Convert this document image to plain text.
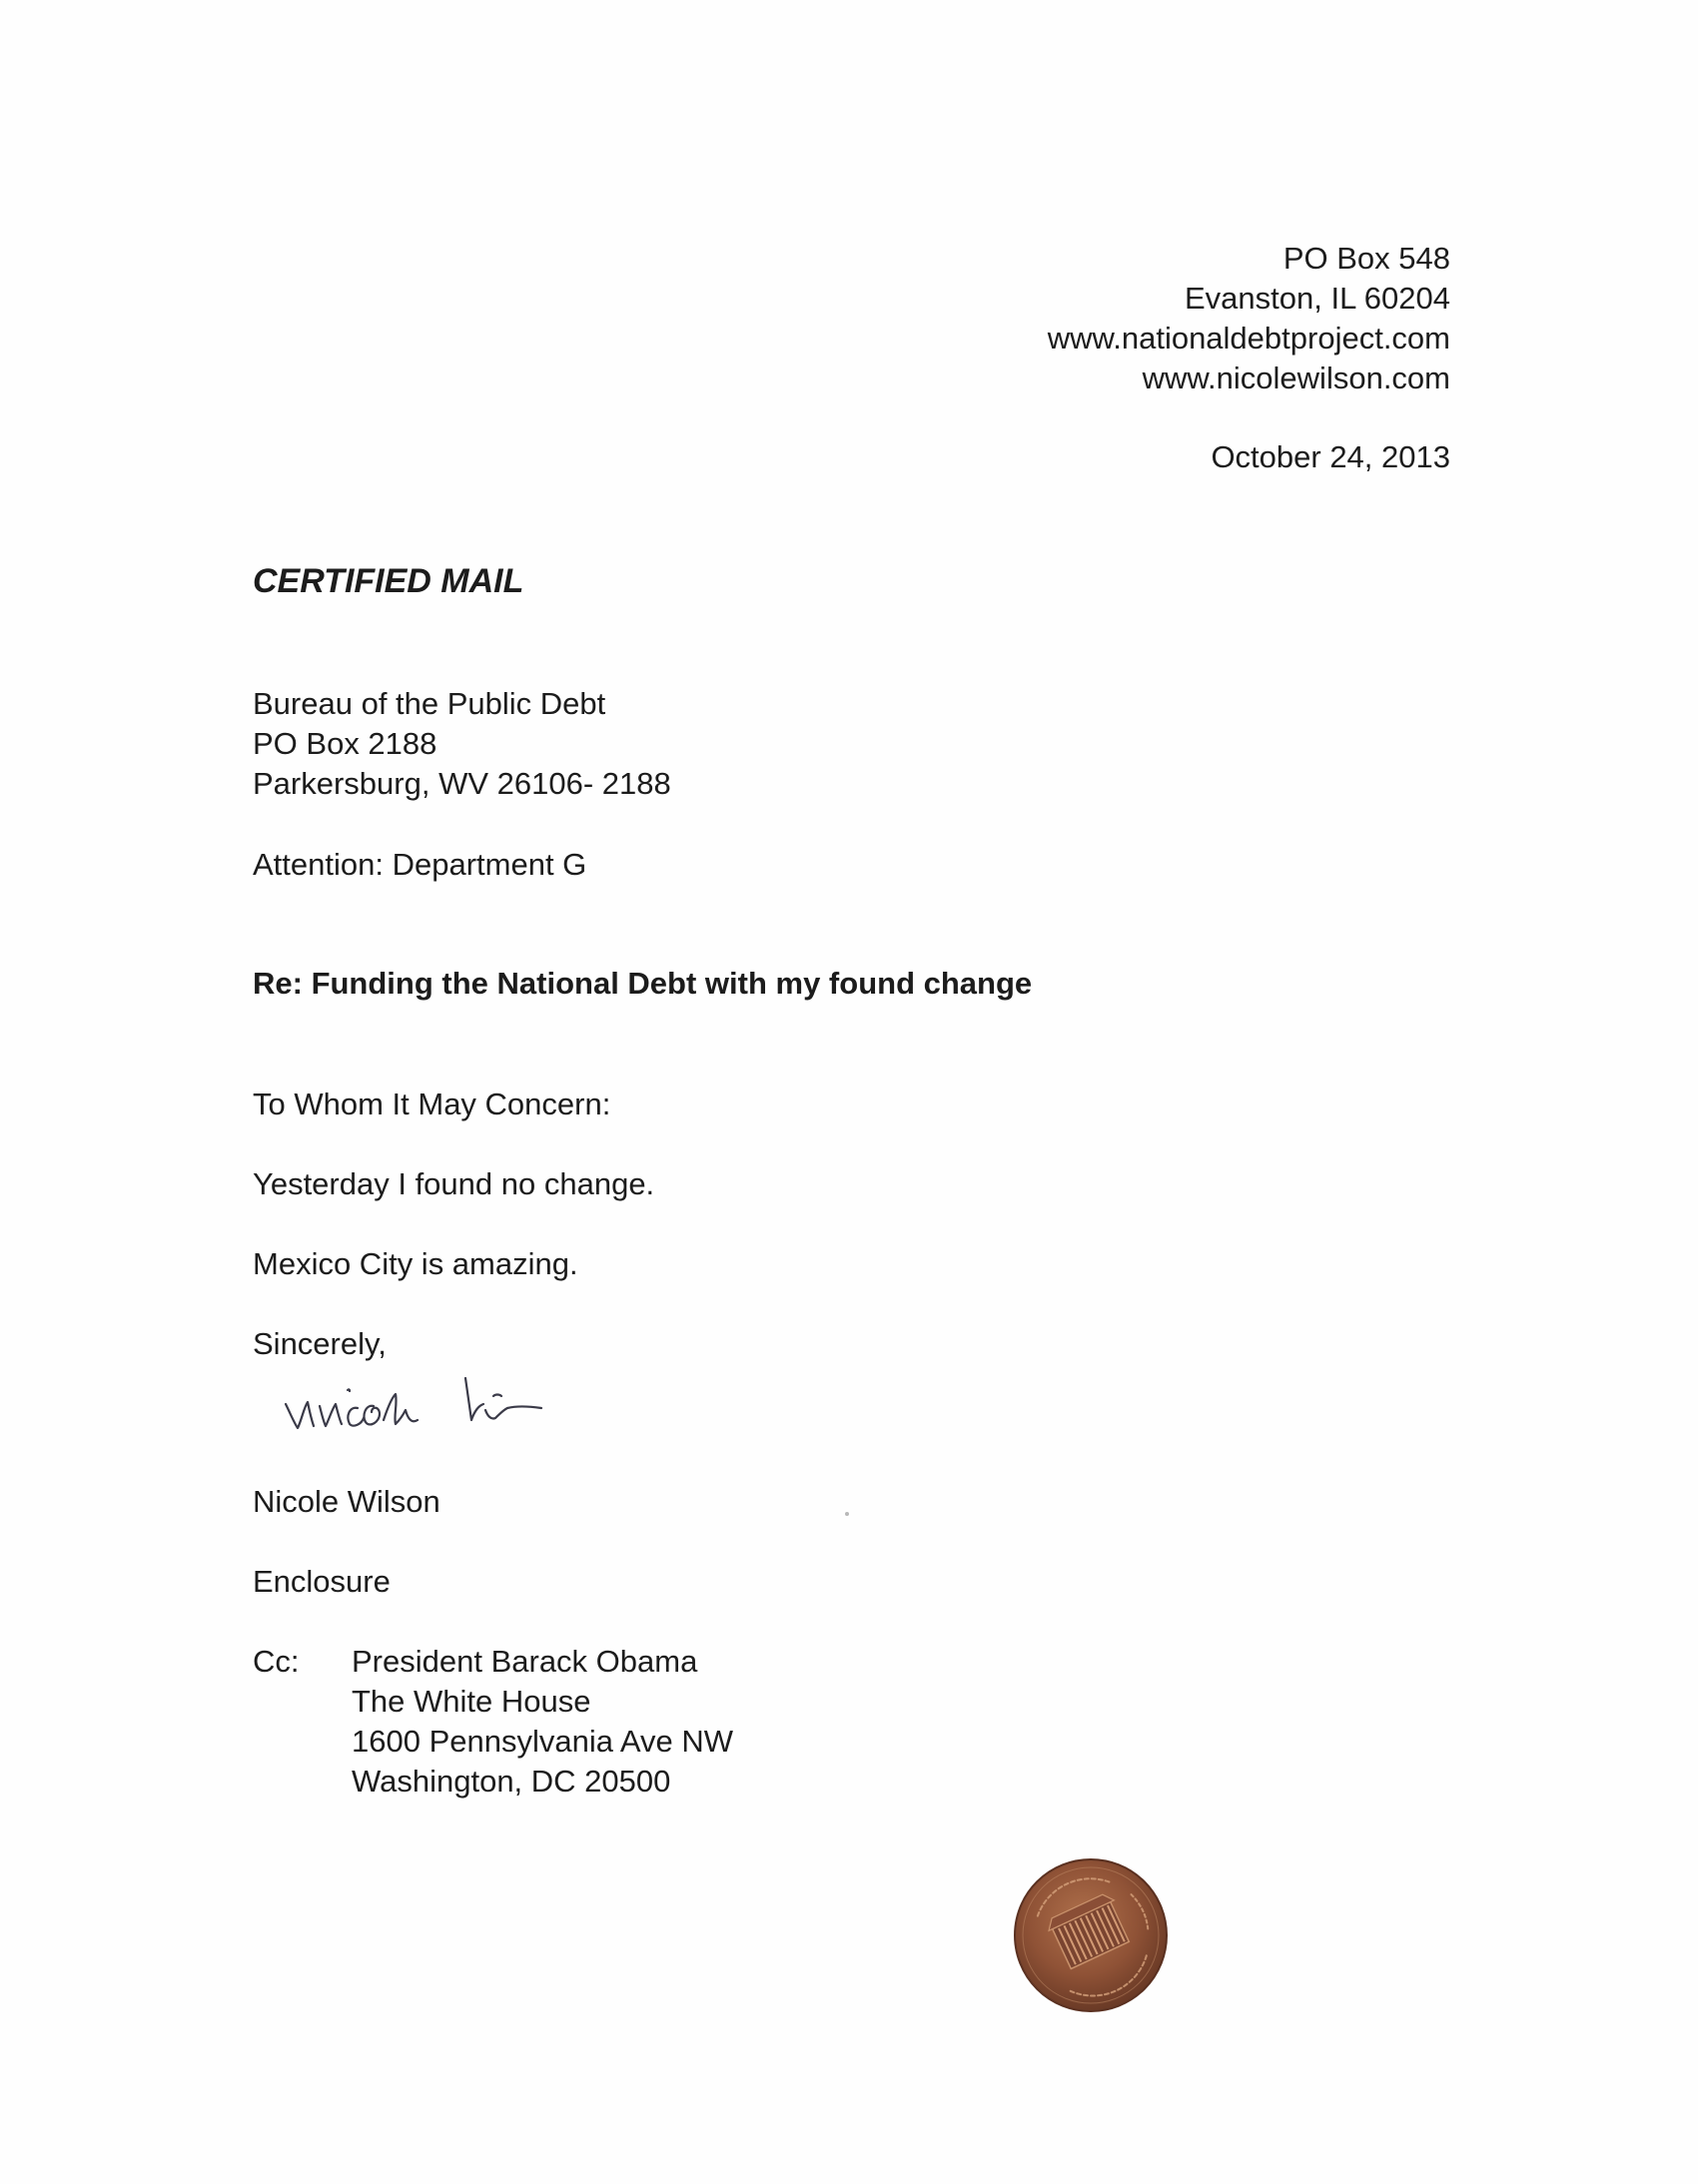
PO Box 548
Evanston, IL 60204
www.nationaldebtproject.com
www.nicolewilson.com
October 24, 2013
CERTIFIED MAIL
Bureau of the Public Debt
PO Box 2188
Parkersburg, WV 26106- 2188
Attention: Department G
Re: Funding the National Debt with my found change
To Whom It May Concern:
Yesterday I found no change.
Mexico City is amazing.
Sincerely,
Nicole Wilson
Enclosure
Cc: President Barack Obama
The White House
1600 Pennsylvania Ave NW
Washington, DC 20500
